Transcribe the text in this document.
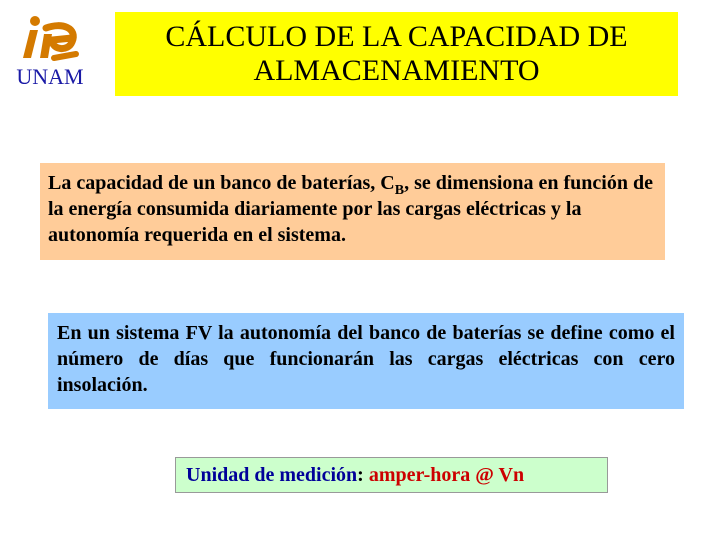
UNAM
CÁLCULO DE LA CAPACIDAD DE
ALMACENAMIENTO
La capacidad de un banco de baterías, $C_B$, se dimensiona en función de la energía consumida diariamente por las cargas eléctricas y la autonomía requerida en el sistema.
En un sistema FV la autonomía del banco de baterías se define como el número de días que funcionarán las cargas eléctricas con cero insolación.
Unidad de medición: amper-hora @ Vn
